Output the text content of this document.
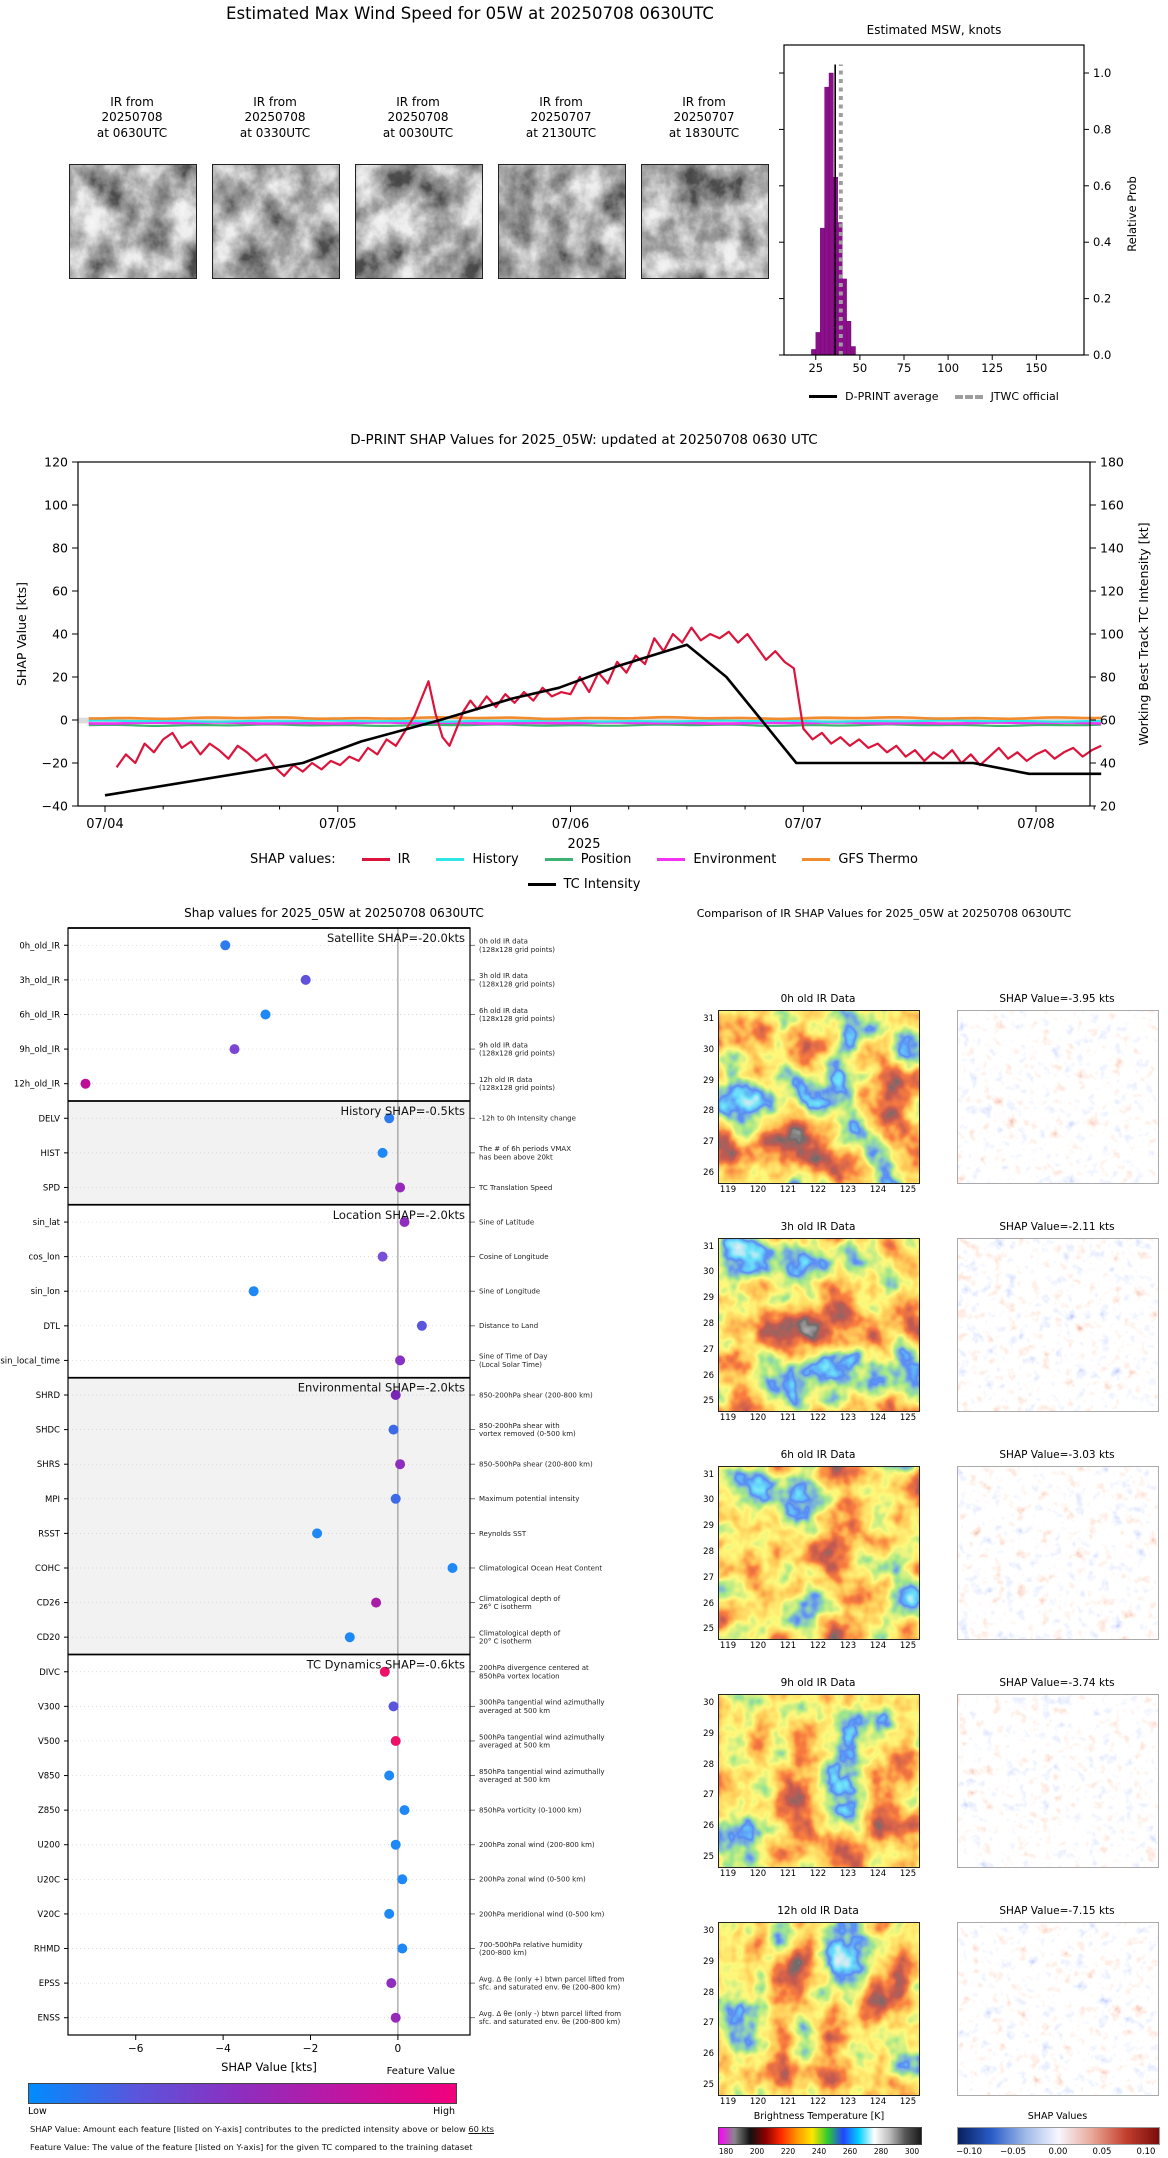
Estimated Max Wind Speed for 05W at 20250708 0630UTC
IR from
20250708
at 0630UTC
IR from
20250708
at 0330UTC
IR from
20250708
at 0030UTC
IR from
20250707
at 2130UTC
IR from
20250707
at 1830UTC
Estimated MSW, knots
0.0
0.2
0.4
0.6
0.8
1.0
Relative Prob
25	50	75 100 125 150
D-PRINT average	JTWC official
D-PRINT SHAP Values for 2025_05W: updated at 20250708 0630 UTC
120
100
80
60
40
20
0
−20
−40
180
160
140
120
100
80
60
40
20
07/04	07/05	07/06	07/07	07/08
2025
SHAP Value [kts]	Working Best Track TC Intensity [kt]
SHAP values:	IR	History	Position	Environment	GFS Thermo
TC Intensity
Shap values for 2025_05W at 20250708 0630UTC
0h_old_IR	0h old IR data
(128x128 grid points)
3h_old_IR	3h old IR data
(128x128 grid points)
6h_old_IR	6h old IR data
(128x128 grid points)
9h_old_IR	9h old IR data
(128x128 grid points)
12h_old_IR	12h old IR data
(128x128 grid points)
DELV	-12h to 0h Intensity change
HIST	The # of 6h periods VMAX
has been above 20kt
SPD	TC Translation Speed
sin_lat	Sine of Latitude
cos_lon	Cosine of Longitude
sin_lon	Sine of Longitude
DTL	Distance to Land
sin_local_time	Sine of Time of Day
(Local Solar Time)
SHRD	850-200hPa shear (200-800 km)
SHDC	850-200hPa shear with
vortex removed (0-500 km)
SHRS	850-500hPa shear (200-800 km)
MPI	Maximum potential intensity
RSST	Reynolds SST
COHC	Climatological Ocean Heat Content
CD26	Climatological depth of
26° C isotherm
CD20	Climatological depth of
20° C isotherm
DIVC	200hPa divergence centered at
850hPa vortex location
V300	300hPa tangential wind azimuthally
averaged at 500 km
V500	500hPa tangential wind azimuthally
averaged at 500 km
V850	850hPa tangential wind azimuthally
averaged at 500 km
Z850	850hPa vorticity (0-1000 km)
U200	200hPa zonal wind (200-800 km)
U20C	200hPa zonal wind (0-500 km)
V20C	200hPa meridional wind (0-500 km)
RHMD	700-500hPa relative humidity
(200-800 km)
EPSS	Avg. Δ θe (only +) btwn parcel lifted from
sfc. and saturated env. θe (200-800 km)
ENSS	Avg. Δ θe (only -) btwn parcel lifted from
sfc. and saturated env. θe (200-800 km)
Satellite SHAP=-20.0kts
History SHAP=-0.5kts
Location SHAP=-2.0kts
Environmental SHAP=-2.0kts
TC Dynamics SHAP=-0.6kts
−6	−4	−2	0
SHAP Value [kts]	Feature Value
Low	High
SHAP Value: Amount each feature [listed on Y-axis] contributes to the predicted intensity above or below 60 kts
Feature Value: The value of the feature [listed on Y-axis] for the given TC compared to the training dataset
Comparison of IR SHAP Values for 2025_05W at 20250708 0630UTC
0h old IR Data	SHAP Value=-3.95 kts
31
30
29
28
27
26
119	120	121	122	123	124	125
3h old IR Data	SHAP Value=-2.11 kts
31
30
29
28
27
26
25
119	120	121	122	123	124	125
6h old IR Data	SHAP Value=-3.03 kts
31
30
29
28
27
26
25
119	120	121	122	123	124	125
9h old IR Data	SHAP Value=-3.74 kts
30
29
28
27
26
25
119	120	121	122	123	124	125
12h old IR Data	SHAP Value=-7.15 kts
30
29
28
27
26
25
119	120	121	122	123	124	125
Brightness Temperature [K]
180	200	220	240	260	280	300
SHAP Values
−0.10	−0.05	0.00	0.05	0.10
